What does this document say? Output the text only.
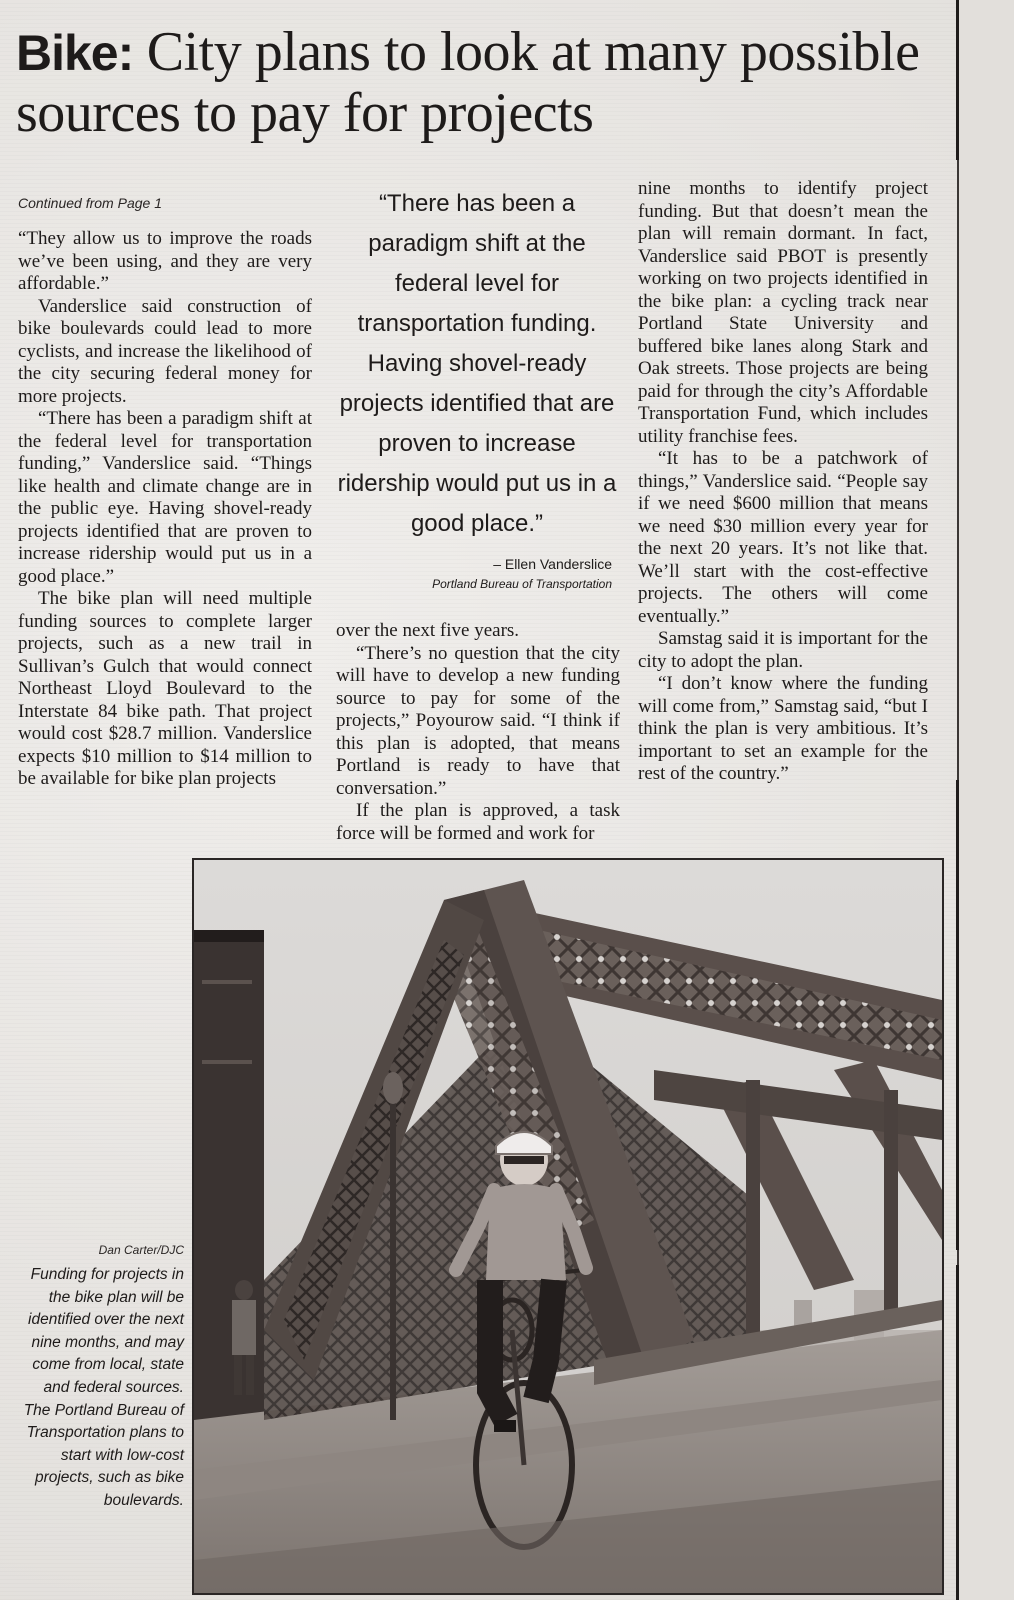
Bike: City plans to look at many possible sources to pay for projects
Continued from Page 1

“They allow us to improve the roads we’ve been using, and they are very affordable.”

Vanderslice said construction of bike boulevards could lead to more cyclists, and increase the likelihood of the city securing federal money for more projects.

“There has been a paradigm shift at the federal level for transportation funding,” Vanderslice said. “Things like health and climate change are in the public eye. Having shovel-ready projects identified that are proven to increase ridership would put us in a good place.”

The bike plan will need multiple funding sources to complete larger projects, such as a new trail in Sullivan’s Gulch that would connect Northeast Lloyd Boulevard to the Interstate 84 bike path. That project would cost $28.7 million. Vanderslice expects $10 million to $14 million to be available for bike plan projects

“There has been a paradigm shift at the federal level for transportation funding. Having shovel-ready projects identified that are proven to increase ridership would put us in a good place.”

– Ellen Vanderslice
Portland Bureau of Transportation

over the next five years.

“There’s no question that the city will have to develop a new funding source to pay for some of the projects,” Poyourow said. “I think if this plan is adopted, that means Portland is ready to have that conversation.”

If the plan is approved, a task force will be formed and work for

nine months to identify project funding. But that doesn’t mean the plan will remain dormant. In fact, Vanderslice said PBOT is presently working on two projects identified in the bike plan: a cycling track near Portland State University and buffered bike lanes along Stark and Oak streets. Those projects are being paid for through the city’s Affordable Transportation Fund, which includes utility franchise fees.

“It has to be a patchwork of things,” Vanderslice said. “People say if we need $600 million that means we need $30 million every year for the next 20 years. It’s not like that. We’ll start with the cost-effective projects. The others will come eventually.”

Samstag said it is important for the city to adopt the plan.

“I don’t know where the funding will come from,” Samstag said, “but I think the plan is very ambitious. It’s important to set an example for the rest of the country.”

Dan Carter/DJC

Funding for projects in the bike plan will be identified over the next nine months, and may come from local, state and federal sources. The Portland Bureau of Transportation plans to start with low-cost projects, such as bike boulevards.
